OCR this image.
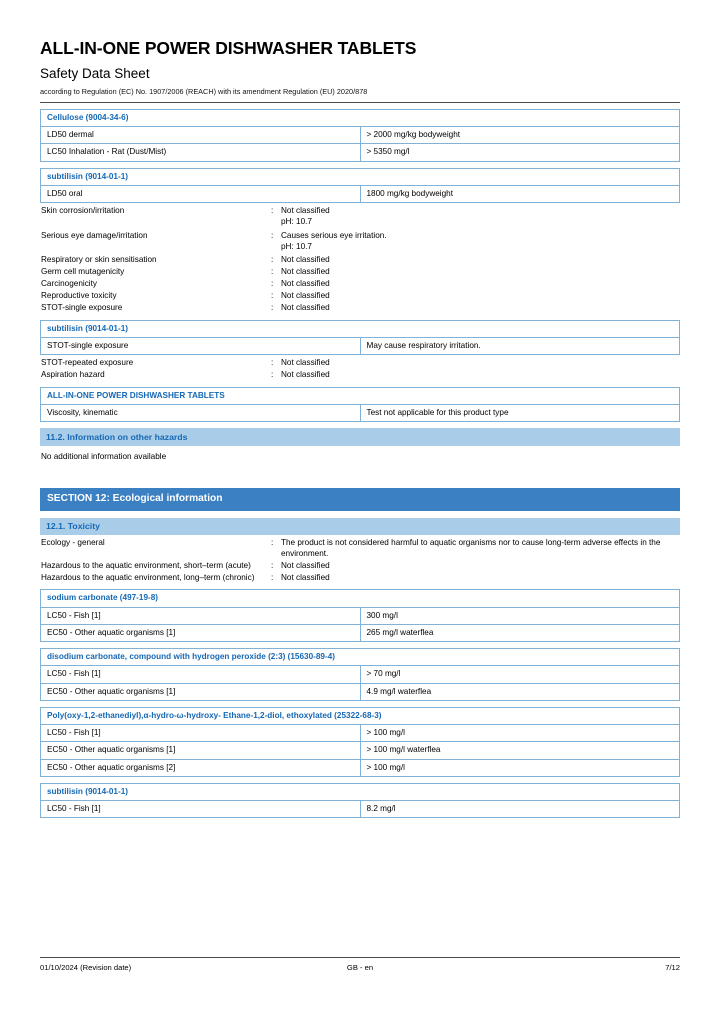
ALL-IN-ONE POWER DISHWASHER TABLETS
Safety Data Sheet

according to Regulation (EC) No. 1907/2006 (REACH) with its amendment Regulation (EU) 2020/878

Cellulose (9004-34-6)	
LD50 dermal	> 2000 mg/kg bodyweight
LC50 Inhalation - Rat (Dust/Mist)	> 5350 mg/l
subtilisin (9014-01-1)
LD50 oral	1800 mg/kg bodyweight
Skin corrosion/irritation	: Not classified
pH: 10.7
Serious eye damage/irritation	: Causes serious eye irritation.
pH: 10.7
Respiratory or skin sensitisation	: Not classified
Germ cell mutagenicity	: Not classified
Carcinogenicity	: Not classified
Reproductive toxicity	: Not classified
STOT-single exposure	: Not classified
subtilisin (9014-01-1)
STOT-single exposure	May cause respiratory irritation.
STOT-repeated exposure	: Not classified
Aspiration hazard	: Not classified
ALL-IN-ONE POWER DISHWASHER TABLETS
Viscosity, kinematic	Test not applicable for this product type
11.2. Information on other hazards
No additional information available
SECTION 12: Ecological information
12.1. Toxicity
Ecology - general	: The product is not considered harmful to aquatic organisms nor to cause long-term adverse effects in the environment.
Hazardous to the aquatic environment, short–term (acute)	: Not classified
Hazardous to the aquatic environment, long–term (chronic)	: Not classified
sodium carbonate (497-19-8)	
LC50 - Fish [1]	300 mg/l
EC50 - Other aquatic organisms [1]	265 mg/l waterflea
disodium carbonate, compound with hydrogen peroxide (2:3) (15630-89-4)	
LC50 - Fish [1]	> 70 mg/l
EC50 - Other aquatic organisms [1]	4.9 mg/l waterflea
Poly(oxy-1,2-ethanediyl),α-hydro-ω-hydroxy- Ethane-1,2-diol, ethoxylated (25322-68-3)	
LC50 - Fish [1]	> 100 mg/l
EC50 - Other aquatic organisms [1]	> 100 mg/l waterflea
EC50 - Other aquatic organisms [2]	> 100 mg/l
subtilisin (9014-01-1)
LC50 - Fish [1]	8.2 mg/l
01/10/2024 (Revision date)	GB - en	7/12
